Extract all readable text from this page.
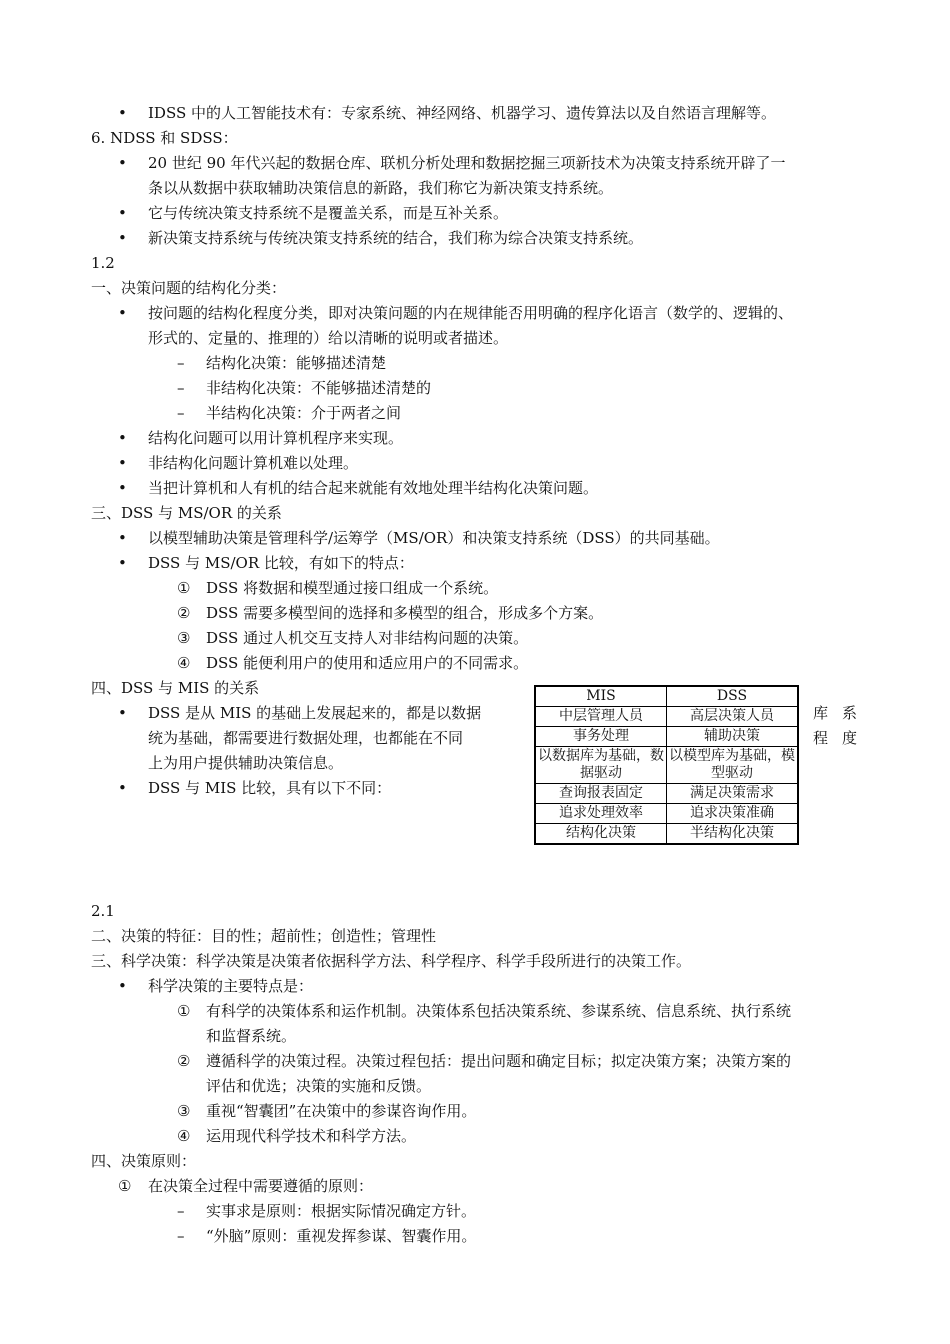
• IDSS 中的人工智能技术有：专家系统、神经网络、机器学习、遗传算法以及自然语言理解等。
6. NDSS 和 SDSS：
• 20 世纪 90 年代兴起的数据仓库、联机分析处理和数据挖掘三项新技术为决策支持系统开辟了一
条以从数据中获取辅助决策信息的新路，我们称它为新决策支持系统。
• 它与传统决策支持系统不是覆盖关系，而是互补关系。
• 新决策支持系统与传统决策支持系统的结合，我们称为综合决策支持系统。
1.2
一、决策问题的结构化分类：
• 按问题的结构化程度分类，即对决策问题的内在规律能否用明确的程序化语言（数学的、逻辑的、
形式的、定量的、推理的）给以清晰的说明或者描述。
– 结构化决策：能够描述清楚
– 非结构化决策：不能够描述清楚的
– 半结构化决策：介于两者之间
• 结构化问题可以用计算机程序来实现。
• 非结构化问题计算机难以处理。
• 当把计算机和人有机的结合起来就能有效地处理半结构化决策问题。
三、DSS 与 MS/OR 的关系
• 以模型辅助决策是管理科学/运筹学（MS/OR）和决策支持系统（DSS）的共同基础。
• DSS 与 MS/OR 比较，有如下的特点：
① DSS 将数据和模型通过接口组成一个系统。
② DSS 需要多模型间的选择和多模型的组合，形成多个方案。
③ DSS 通过人机交互支持人对非结构问题的决策。
④ DSS 能便利用户的使用和适应用户的不同需求。
四、DSS 与 MIS 的关系
• DSS 是从 MIS 的基础上发展起来的，都是以数据
统为基础，都需要进行数据处理，也都能在不同
上为用户提供辅助决策信息。
• DSS 与 MIS 比较，具有以下不同：
MIS	DSS
中层管理人员	高层决策人员
事务处理	辅助决策
以数据库为基础，数据驱动	以模型库为基础，模型驱动
查询报表固定	满足决策需求
追求处理效率	追求决策准确
结构化决策	半结构化决策
库系
程度
2.1
二、决策的特征：目的性；超前性；创造性；管理性
三、科学决策：科学决策是决策者依据科学方法、科学程序、科学手段所进行的决策工作。
• 科学决策的主要特点是：
① 有科学的决策体系和运作机制。决策体系包括决策系统、参谋系统、信息系统、执行系统
和监督系统。
② 遵循科学的决策过程。决策过程包括：提出问题和确定目标；拟定决策方案；决策方案的
评估和优选；决策的实施和反馈。
③ 重视“智囊团”在决策中的参谋咨询作用。
④ 运用现代科学技术和科学方法。
四、决策原则：
① 在决策全过程中需要遵循的原则：
– 实事求是原则：根据实际情况确定方针。
– “外脑”原则：重视发挥参谋、智囊作用。
